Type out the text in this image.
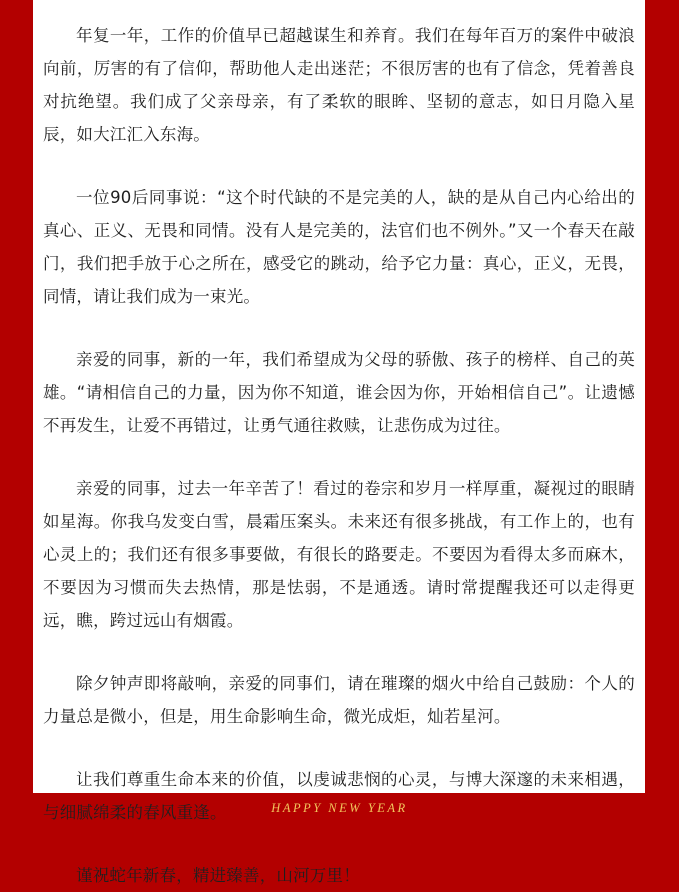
年复一年，工作的价值早已超越谋生和养育。我们在每年百万的案件中破浪向前，厉害的有了信仰，帮助他人走出迷茫；不很厉害的也有了信念，凭着善良对抗绝望。我们成了父亲母亲，有了柔软的眼眸、坚韧的意志，如日月隐入星辰，如大江汇入东海。

一位90后同事说：“这个时代缺的不是完美的人，缺的是从自己内心给出的真心、正义、无畏和同情。没有人是完美的，法官们也不例外。”又一个春天在敲门，我们把手放于心之所在，感受它的跳动，给予它力量：真心，正义，无畏，同情，请让我们成为一束光。

亲爱的同事，新的一年，我们希望成为父母的骄傲、孩子的榜样、自己的英雄。“请相信自己的力量，因为你不知道，谁会因为你，开始相信自己”。让遗憾不再发生，让爱不再错过，让勇气通往救赎，让悲伤成为过往。

亲爱的同事，过去一年辛苦了！看过的卷宗和岁月一样厚重，凝视过的眼睛如星海。你我乌发变白雪，晨霜压案头。未来还有很多挑战，有工作上的，也有心灵上的；我们还有很多事要做，有很长的路要走。不要因为看得太多而麻木，不要因为习惯而失去热情，那是怯弱，不是通透。请时常提醒我还可以走得更远，瞧，跨过远山有烟霞。

除夕钟声即将敲响，亲爱的同事们，请在璀璨的烟火中给自己鼓励：个人的力量总是微小，但是，用生命影响生命，微光成炬，灿若星河。

让我们尊重生命本来的价值，以虔诚悲悯的心灵，与博大深邃的未来相遇，与细腻绵柔的春风重逢。

谨祝蛇年新春，精进臻善，山河万里！

HAPPY NEW YEAR
